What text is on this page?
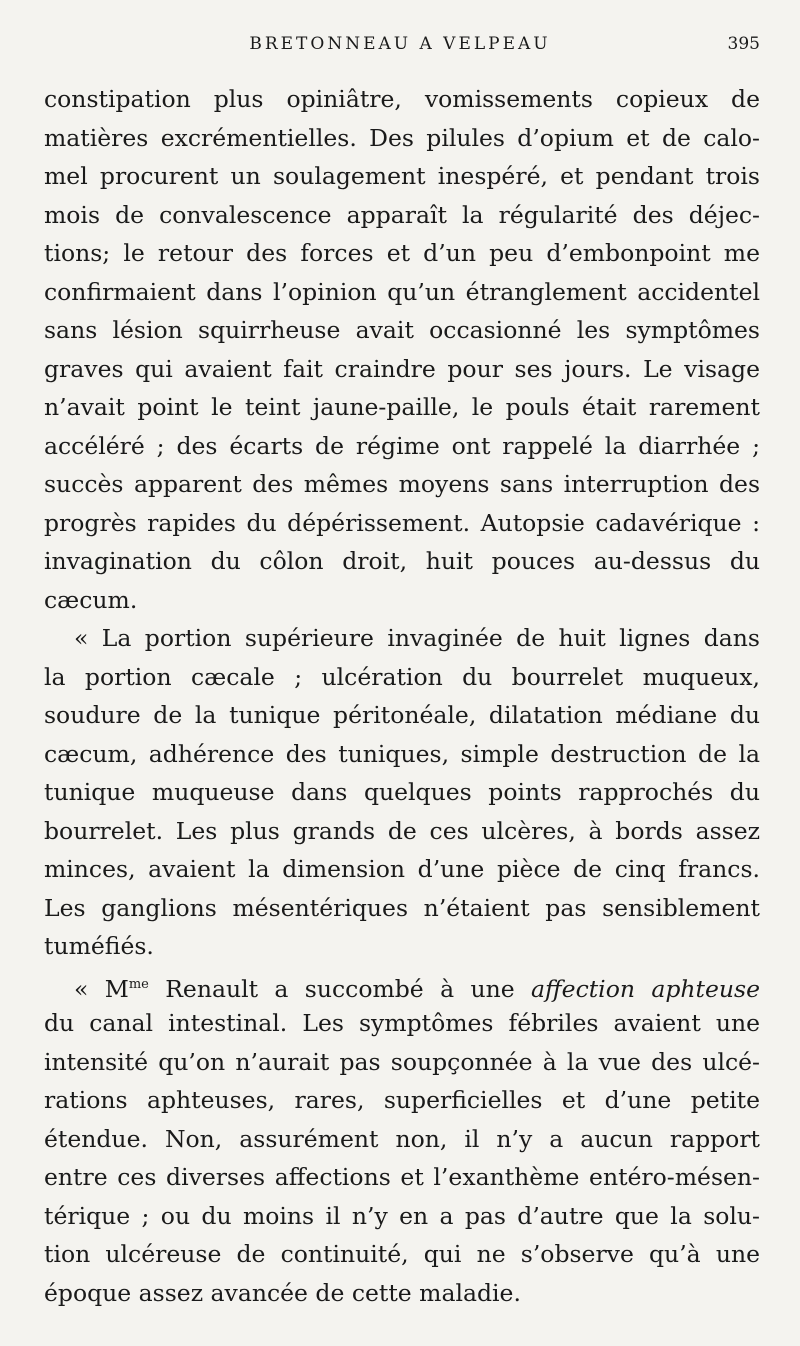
BRETONNEAU A VELPEAU	395
constipation plus opiniâtre, vomissements copieux de
matières excrémentielles. Des pilules d’opium et de calo-
mel procurent un soulagement inespéré, et pendant trois
mois de convalescence apparaît la régularité des déjec-
tions; le retour des forces et d’un peu d’embonpoint me
confirmaient dans l’opinion qu’un étranglement accidentel
sans lésion squirrheuse avait occasionné les symptômes
graves qui avaient fait craindre pour ses jours. Le visage
n’avait point le teint jaune-paille, le pouls était rarement
accéléré ; des écarts de régime ont rappelé la diarrhée ;
succès apparent des mêmes moyens sans interruption des
progrès rapides du dépérissement. Autopsie cadavérique :
invagination du côlon droit, huit pouces au-dessus du
cæcum.
« La portion supérieure invaginée de huit lignes dans
la portion cæcale ; ulcération du bourrelet muqueux,
soudure de la tunique péritonéale, dilatation médiane du
cæcum, adhérence des tuniques, simple destruction de la
tunique muqueuse dans quelques points rapprochés du
bourrelet. Les plus grands de ces ulcères, à bords assez
minces, avaient la dimension d’une pièce de cinq francs.
Les ganglions mésentériques n’étaient pas sensiblement
tuméfiés.
« $M^{me}$ Renault a succombé à une affection aphteuse
du canal intestinal. Les symptômes fébriles avaient une
intensité qu’on n’aurait pas soupçonnée à la vue des ulcé-
rations aphteuses, rares, superficielles et d’une petite
étendue. Non, assurément non, il n’y a aucun rapport
entre ces diverses affections et l’exanthème entéro-mésen-
térique ; ou du moins il n’y en a pas d’autre que la solu-
tion ulcéreuse de continuité, qui ne s’observe qu’à une
époque assez avancée de cette maladie.
